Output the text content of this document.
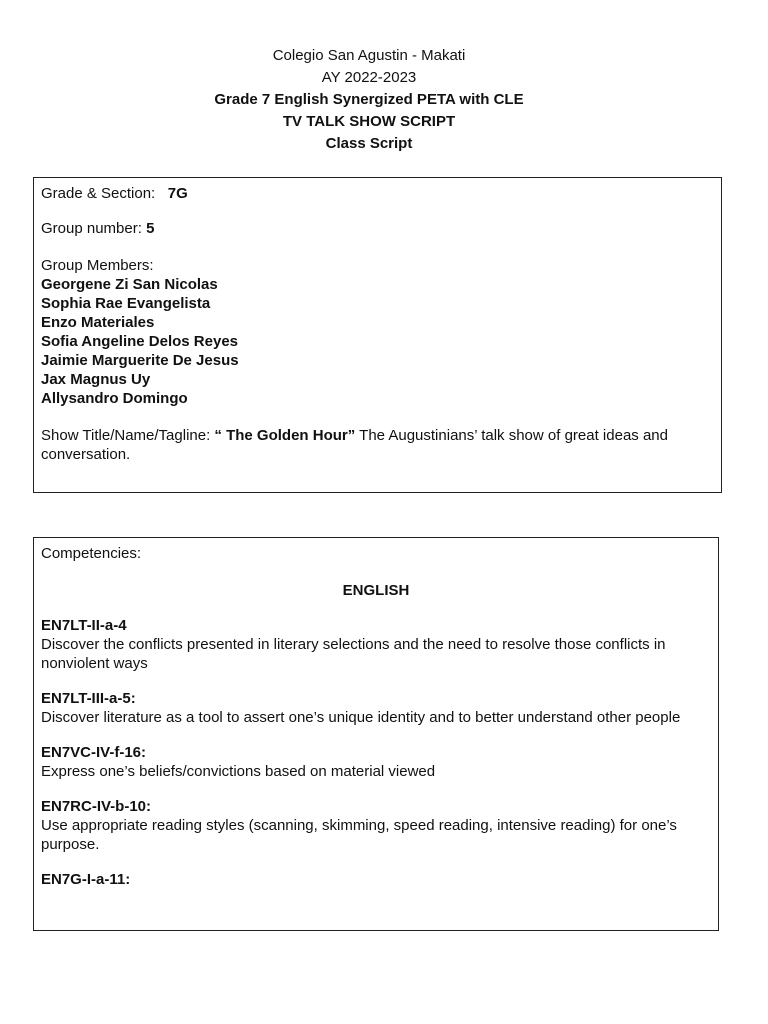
Colegio San Agustin - Makati
AY 2022-2023
Grade 7 English Synergized PETA with CLE
TV TALK SHOW SCRIPT
Class Script
Grade & Section: 7G
Group number: 5
Group Members:
Georgene Zi San Nicolas
Sophia Rae Evangelista
Enzo Materiales
Sofia Angeline Delos Reyes
Jaimie Marguerite De Jesus
Jax Magnus Uy
Allysandro Domingo
Show Title/Name/Tagline: “ The Golden Hour” The Augustinians’ talk show of great ideas and conversation.
Competencies:
ENGLISH
EN7LT-II-a-4
Discover the conflicts presented in literary selections and the need to resolve those conflicts in nonviolent ways
EN7LT-III-a-5:
Discover literature as a tool to assert one’s unique identity and to better understand other people
EN7VC-IV-f-16:
Express one’s beliefs/convictions based on material viewed
EN7RC-IV-b-10:
Use appropriate reading styles (scanning, skimming, speed reading, intensive reading) for one’s purpose.
EN7G-I-a-11:
